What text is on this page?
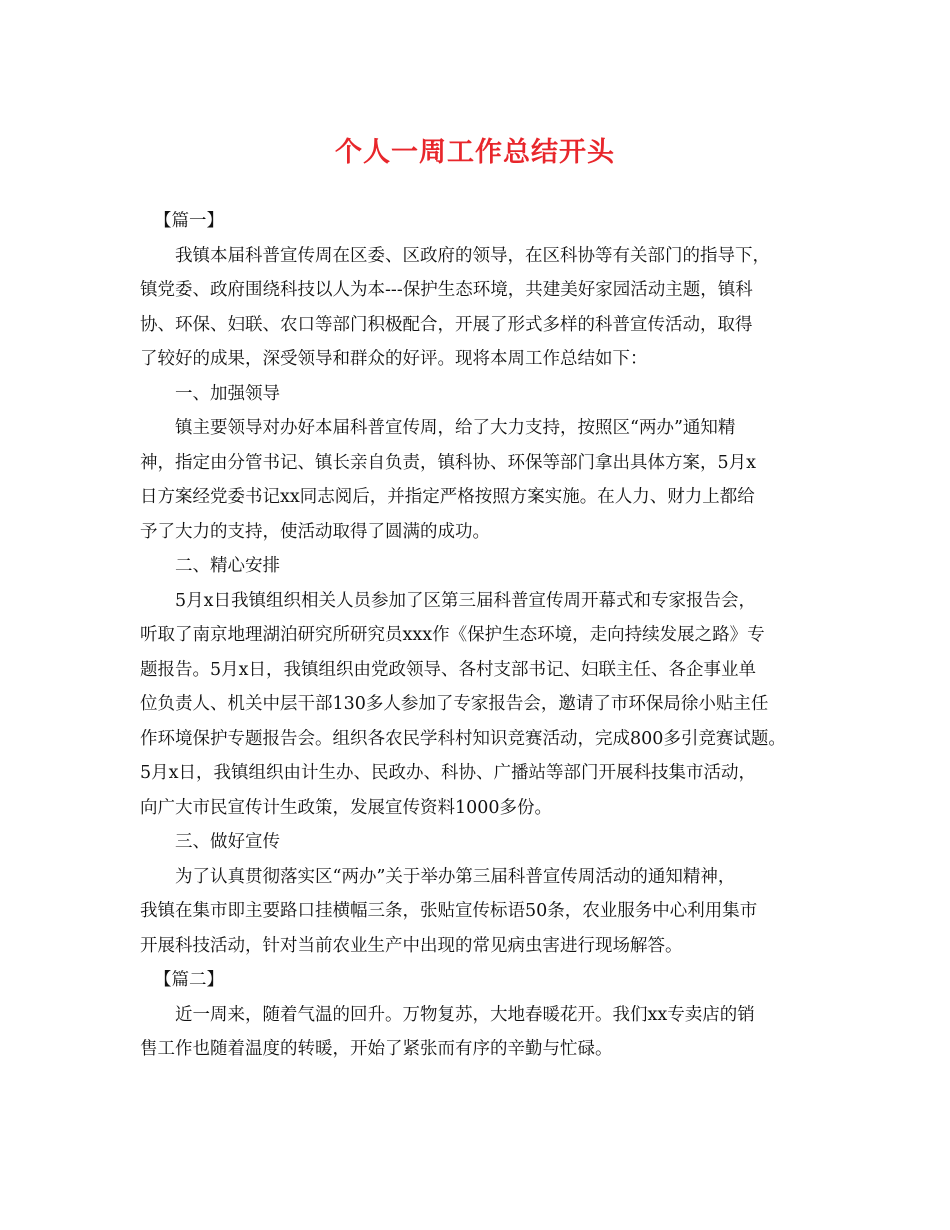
个人一周工作总结开头
【篇一】
我镇本届科普宣传周在区委、区政府的领导，在区科协等有关部门的指导下，
镇党委、政府围绕科技以人为本---保护生态环境，共建美好家园活动主题，镇科
协、环保、妇联、农口等部门积极配合，开展了形式多样的科普宣传活动，取得
了较好的成果，深受领导和群众的好评。现将本周工作总结如下：
一、加强领导
镇主要领导对办好本届科普宣传周，给了大力支持，按照区“两办”通知精
神，指定由分管书记、镇长亲自负责，镇科协、环保等部门拿出具体方案，5月x
日方案经党委书记xx同志阅后，并指定严格按照方案实施。在人力、财力上都给
予了大力的支持，使活动取得了圆满的成功。
二、精心安排
5月x日我镇组织相关人员参加了区第三届科普宣传周开幕式和专家报告会，
听取了南京地理湖泊研究所研究员xxx作《保护生态环境，走向持续发展之路》专
题报告。5月x日，我镇组织由党政领导、各村支部书记、妇联主任、各企事业单
位负责人、机关中层干部130多人参加了专家报告会，邀请了市环保局徐小贴主任
作环境保护专题报告会。组织各农民学科村知识竞赛活动，完成800多引竞赛试题。
5月x日，我镇组织由计生办、民政办、科协、广播站等部门开展科技集市活动，
向广大市民宣传计生政策，发展宣传资料1000多份。
三、做好宣传
为了认真贯彻落实区“两办”关于举办第三届科普宣传周活动的通知精神，
我镇在集市即主要路口挂横幅三条，张贴宣传标语50条，农业服务中心利用集市
开展科技活动，针对当前农业生产中出现的常见病虫害进行现场解答。
【篇二】
近一周来，随着气温的回升。万物复苏，大地春暖花开。我们xx专卖店的销
售工作也随着温度的转暖，开始了紧张而有序的辛勤与忙碌。
